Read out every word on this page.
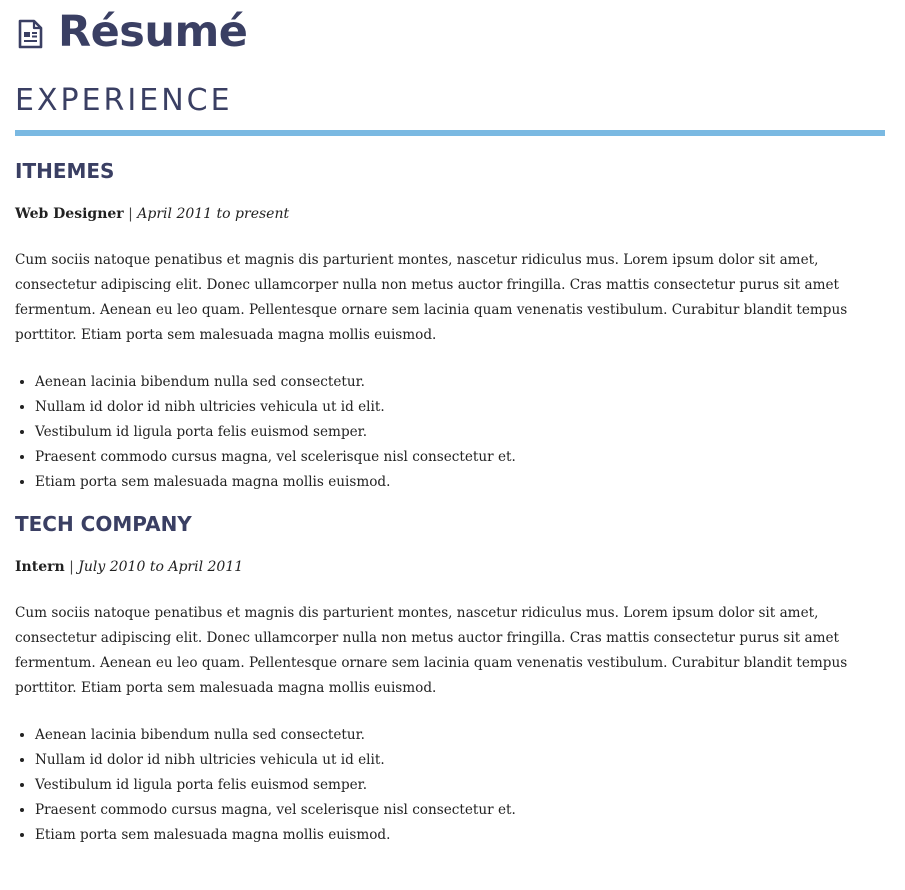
Résumé
EXPERIENCE
ITHEMES

Web Designer | April 2011 to present

Cum sociis natoque penatibus et magnis dis parturient montes, nascetur ridiculus mus. Lorem ipsum dolor sit amet, consectetur adipiscing elit. Donec ullamcorper nulla non metus auctor fringilla. Cras mattis consectetur purus sit amet fermentum. Aenean eu leo quam. Pellentesque ornare sem lacinia quam venenatis vestibulum. Curabitur blandit tempus porttitor. Etiam porta sem malesuada magna mollis euismod.

• Aenean lacinia bibendum nulla sed consectetur.
• Nullam id dolor id nibh ultricies vehicula ut id elit.
• Vestibulum id ligula porta felis euismod semper.
• Praesent commodo cursus magna, vel scelerisque nisl consectetur et.
• Etiam porta sem malesuada magna mollis euismod.
TECH COMPANY

Intern | July 2010 to April 2011

Cum sociis natoque penatibus et magnis dis parturient montes, nascetur ridiculus mus. Lorem ipsum dolor sit amet, consectetur adipiscing elit. Donec ullamcorper nulla non metus auctor fringilla. Cras mattis consectetur purus sit amet fermentum. Aenean eu leo quam. Pellentesque ornare sem lacinia quam venenatis vestibulum. Curabitur blandit tempus porttitor. Etiam porta sem malesuada magna mollis euismod.

• Aenean lacinia bibendum nulla sed consectetur.
• Nullam id dolor id nibh ultricies vehicula ut id elit.
• Vestibulum id ligula porta felis euismod semper.
• Praesent commodo cursus magna, vel scelerisque nisl consectetur et.
• Etiam porta sem malesuada magna mollis euismod.
